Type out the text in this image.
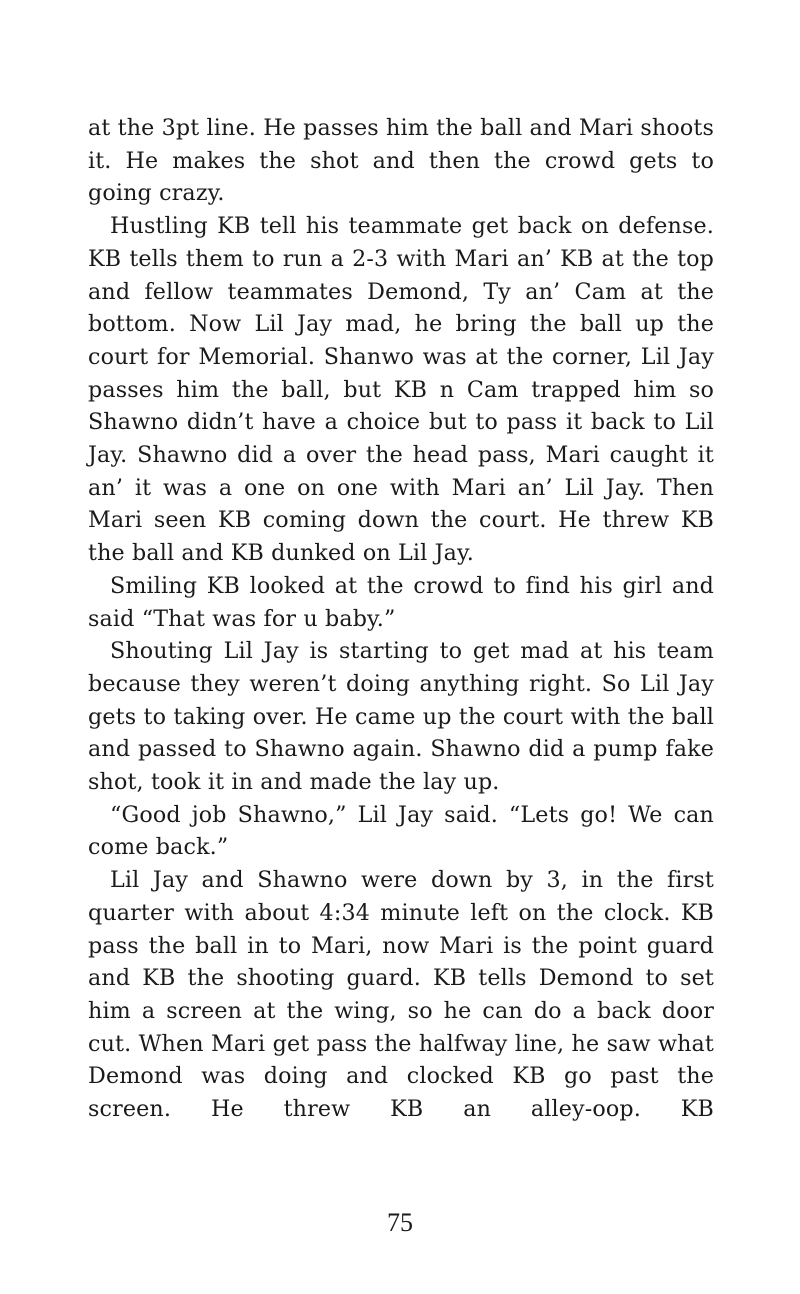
at the 3pt line. He passes him the ball and Mari shoots it. He makes the shot and then the crowd gets to going crazy.

Hustling KB tell his teammate get back on defense. KB tells them to run a 2-3 with Mari an’ KB at the top and fellow teammates Demond, Ty an’ Cam at the bottom. Now Lil Jay mad, he bring the ball up the court for Memorial. Shanwo was at the corner, Lil Jay passes him the ball, but KB n Cam trapped him so Shawno didn’t have a choice but to pass it back to Lil Jay. Shawno did a over the head pass, Mari caught it an’ it was a one on one with Mari an’ Lil Jay. Then Mari seen KB coming down the court. He threw KB the ball and KB dunked on Lil Jay.

Smiling KB looked at the crowd to find his girl and said “That was for u baby.”

Shouting Lil Jay is starting to get mad at his team because they weren’t doing anything right. So Lil Jay gets to taking over. He came up the court with the ball and passed to Shawno again. Shawno did a pump fake shot, took it in and made the lay up.

“Good job Shawno,” Lil Jay said. “Lets go! We can come back.”

Lil Jay and Shawno were down by 3, in the first quarter with about 4:34 minute left on the clock. KB pass the ball in to Mari, now Mari is the point guard and KB the shooting guard. KB tells Demond to set him a screen at the wing, so he can do a back door cut. When Mari get pass the halfway line, he saw what Demond was doing and clocked KB go past the screen. He threw KB an alley-oop. KB

75
